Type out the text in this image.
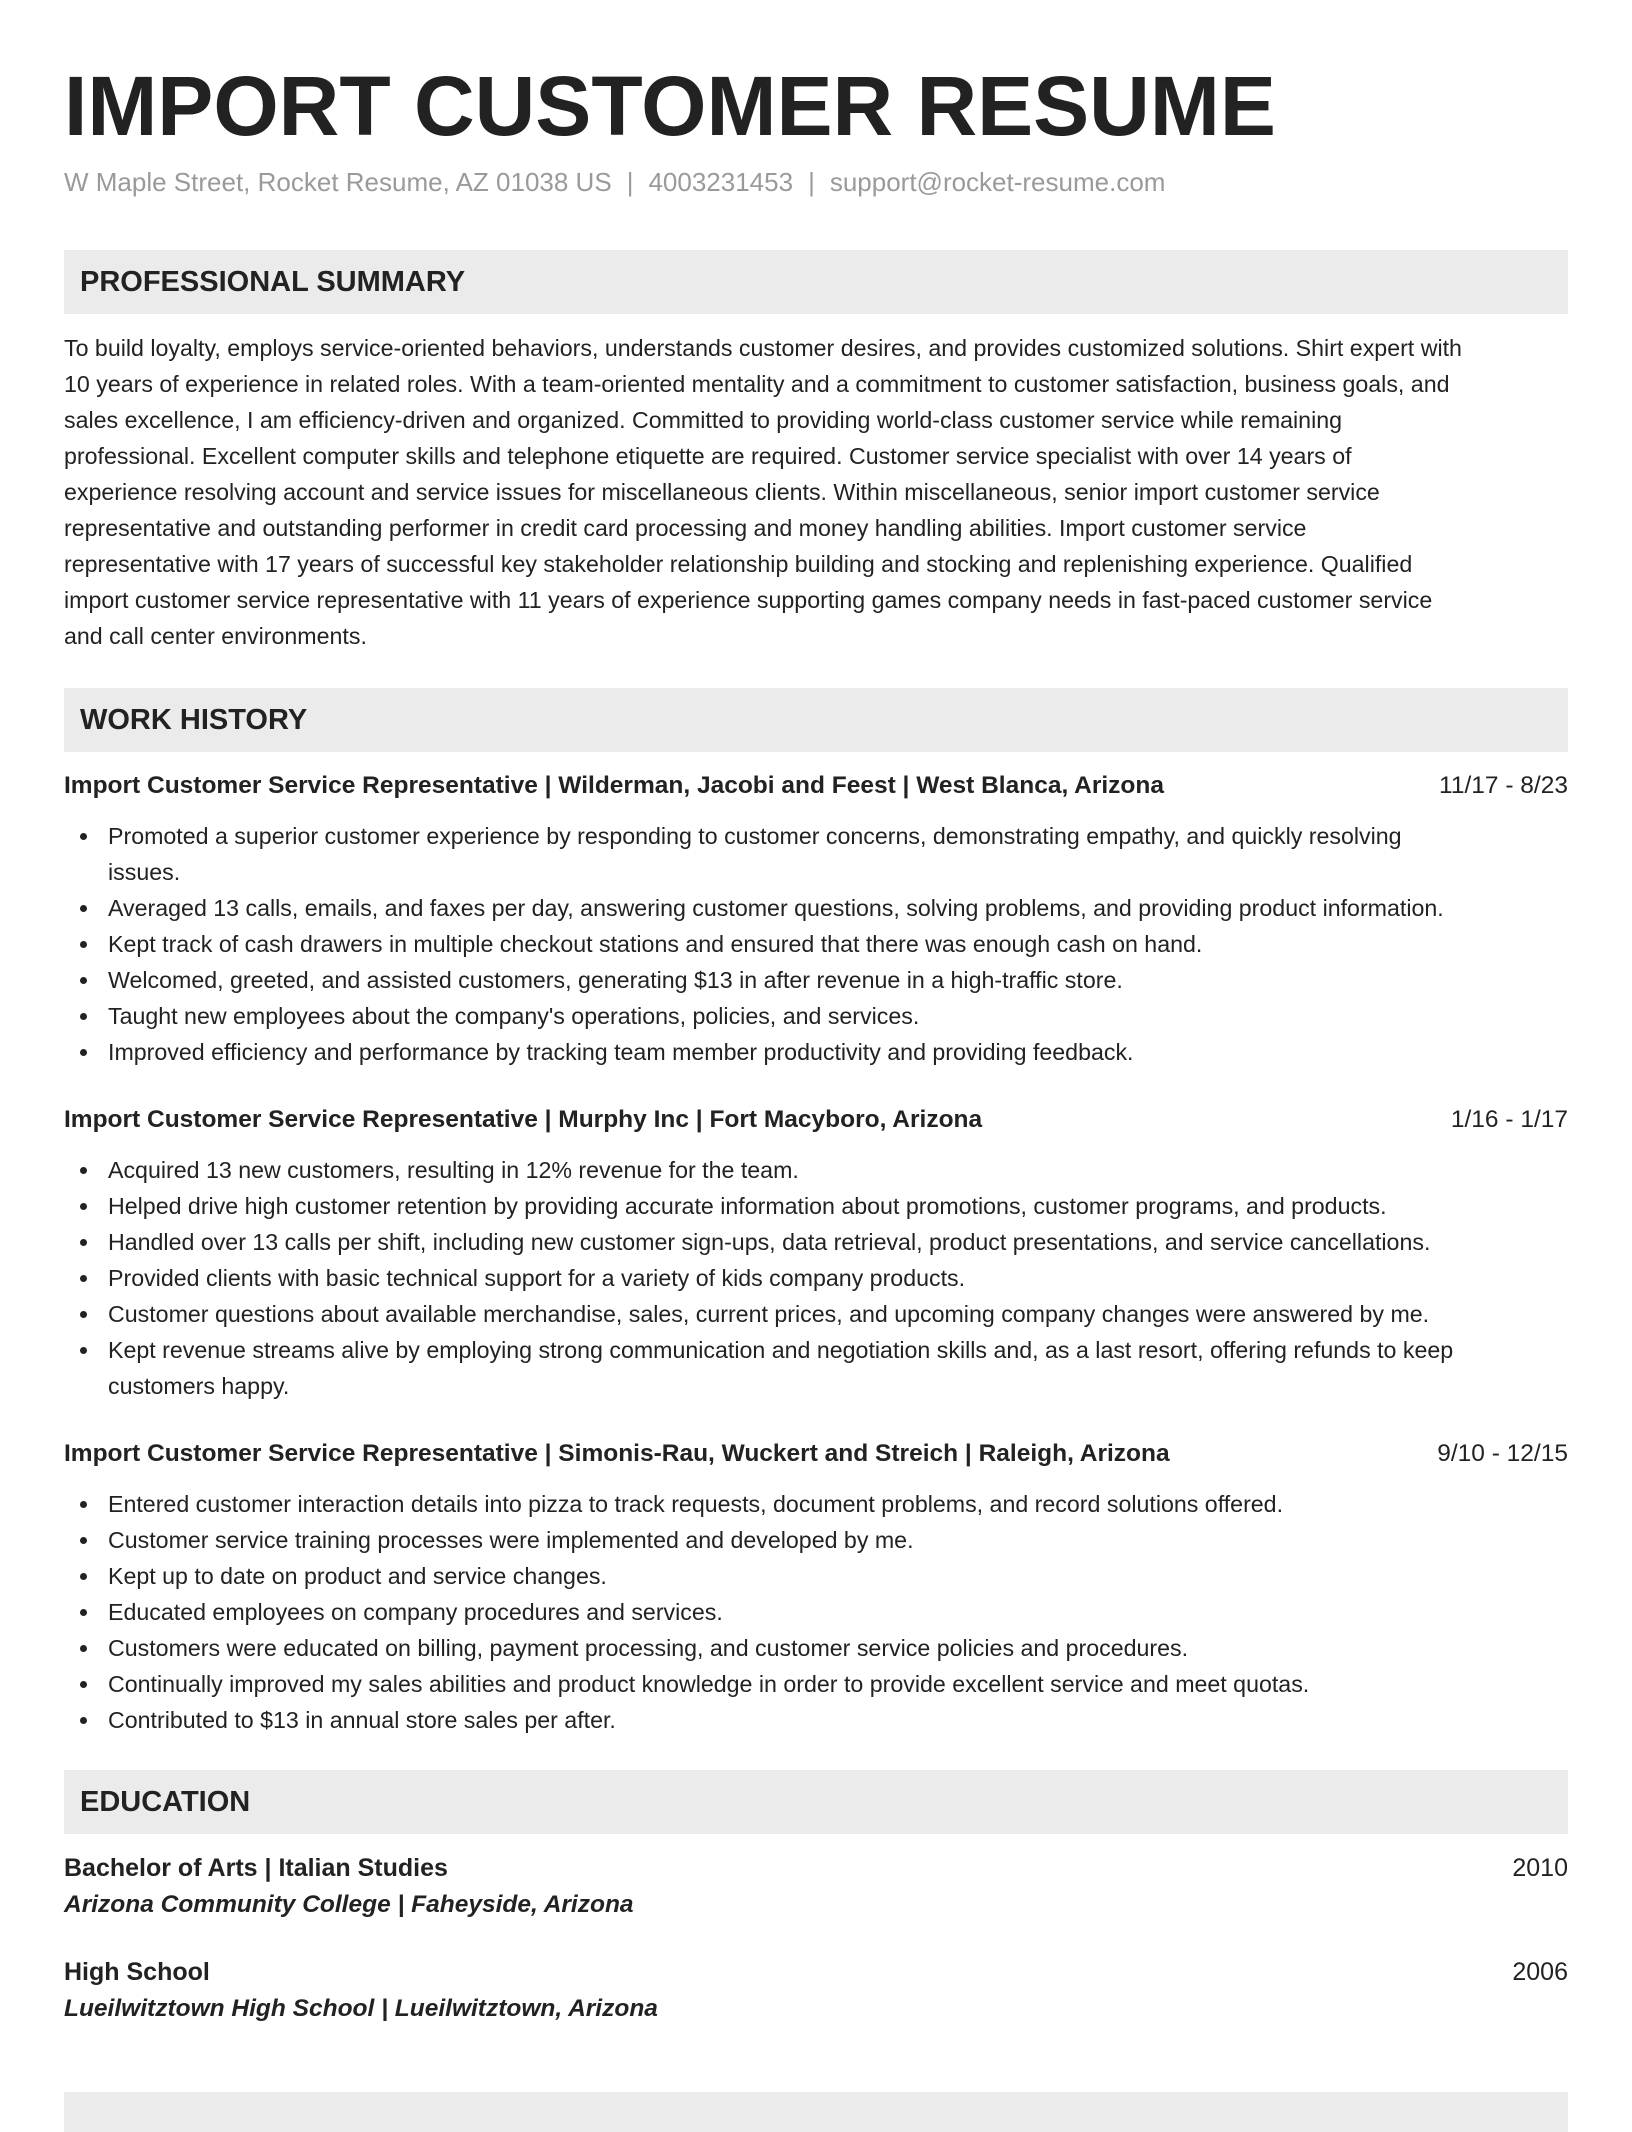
IMPORT CUSTOMER RESUME
W Maple Street, Rocket Resume, AZ 01038 US | 4003231453 | support@rocket-resume.com
PROFESSIONAL SUMMARY
To build loyalty, employs service-oriented behaviors, understands customer desires, and provides customized solutions. Shirt expert with
10 years of experience in related roles. With a team-oriented mentality and a commitment to customer satisfaction, business goals, and
sales excellence, I am efficiency-driven and organized. Committed to providing world-class customer service while remaining
professional. Excellent computer skills and telephone etiquette are required. Customer service specialist with over 14 years of
experience resolving account and service issues for miscellaneous clients. Within miscellaneous, senior import customer service
representative and outstanding performer in credit card processing and money handling abilities. Import customer service
representative with 17 years of successful key stakeholder relationship building and stocking and replenishing experience. Qualified
import customer service representative with 11 years of experience supporting games company needs in fast-paced customer service
and call center environments.
WORK HISTORY
Import Customer Service Representative | Wilderman, Jacobi and Feest | West Blanca, Arizona	11/17 - 8/23
Promoted a superior customer experience by responding to customer concerns, demonstrating empathy, and quickly resolving
issues.
Averaged 13 calls, emails, and faxes per day, answering customer questions, solving problems, and providing product information.
Kept track of cash drawers in multiple checkout stations and ensured that there was enough cash on hand.
Welcomed, greeted, and assisted customers, generating $13 in after revenue in a high-traffic store.
Taught new employees about the company's operations, policies, and services.
Improved efficiency and performance by tracking team member productivity and providing feedback.
Import Customer Service Representative | Murphy Inc | Fort Macyboro, Arizona	1/16 - 1/17
Acquired 13 new customers, resulting in 12% revenue for the team.
Helped drive high customer retention by providing accurate information about promotions, customer programs, and products.
Handled over 13 calls per shift, including new customer sign-ups, data retrieval, product presentations, and service cancellations.
Provided clients with basic technical support for a variety of kids company products.
Customer questions about available merchandise, sales, current prices, and upcoming company changes were answered by me.
Kept revenue streams alive by employing strong communication and negotiation skills and, as a last resort, offering refunds to keep
customers happy.
Import Customer Service Representative | Simonis-Rau, Wuckert and Streich | Raleigh, Arizona	9/10 - 12/15
Entered customer interaction details into pizza to track requests, document problems, and record solutions offered.
Customer service training processes were implemented and developed by me.
Kept up to date on product and service changes.
Educated employees on company procedures and services.
Customers were educated on billing, payment processing, and customer service policies and procedures.
Continually improved my sales abilities and product knowledge in order to provide excellent service and meet quotas.
Contributed to $13 in annual store sales per after.
EDUCATION
Bachelor of Arts | Italian Studies	2010
Arizona Community College | Faheyside, Arizona
High School	2006
Lueilwitztown High School | Lueilwitztown, Arizona
